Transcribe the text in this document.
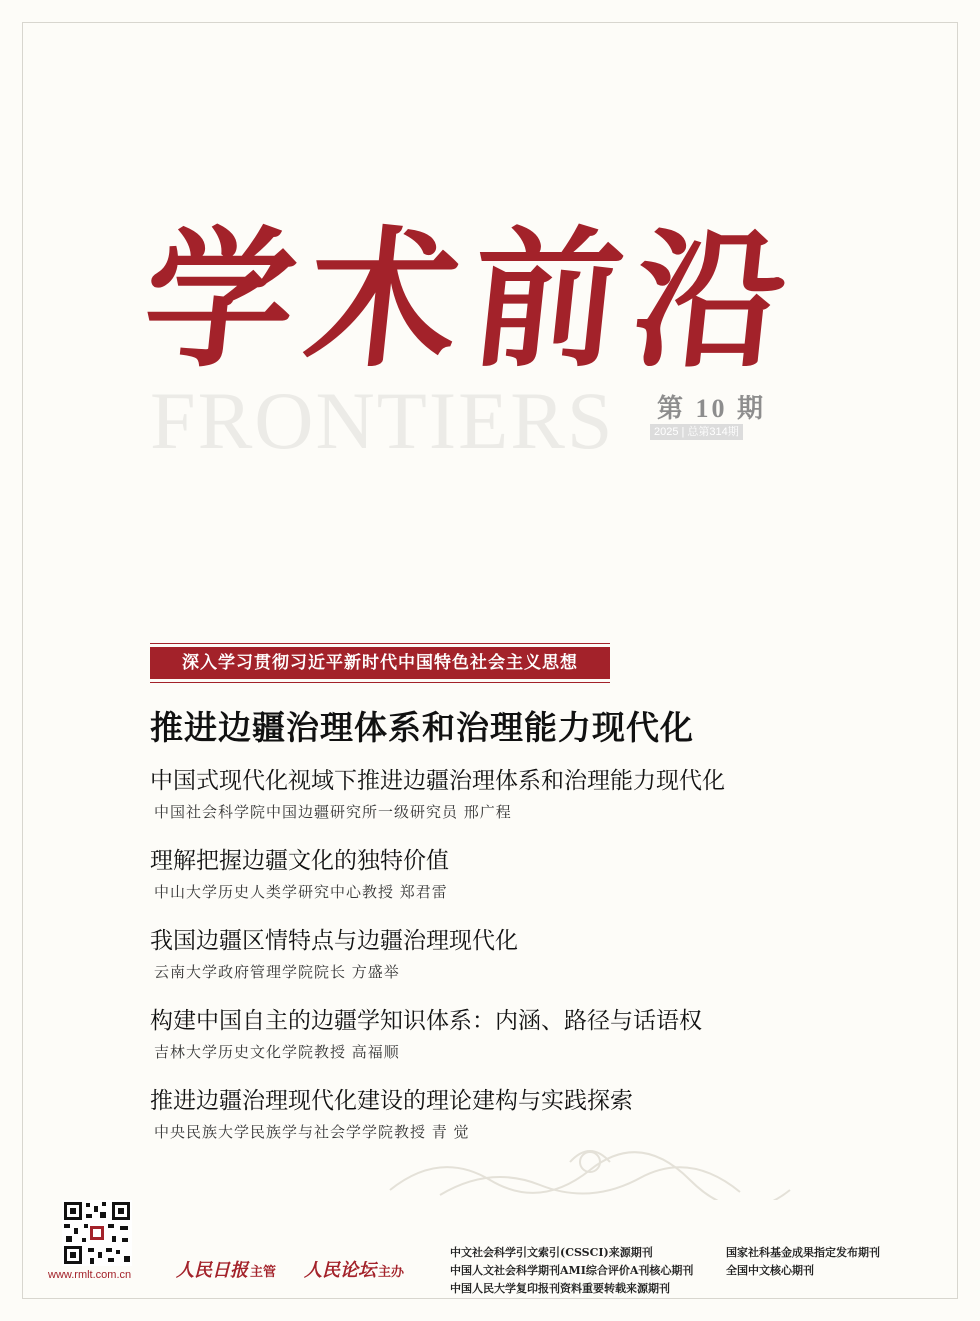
学
术
前
沿
FRONTIERS 第 10 期
2025 | 总第314期
深入学习贯彻习近平新时代中国特色社会主义思想
推进边疆治理体系和治理能力现代化
中国式现代化视域下推进边疆治理体系和治理能力现代化
中国社会科学院中国边疆研究所一级研究员 邢广程
理解把握边疆文化的独特价值
中山大学历史人类学研究中心教授 郑君雷
我国边疆区情特点与边疆治理现代化
云南大学政府管理学院院长 方盛举
构建中国自主的边疆学知识体系：内涵、路径与话语权
吉林大学历史文化学院教授 高福顺
推进边疆治理现代化建设的理论建构与实践探索
中央民族大学民族学与社会学学院教授 青 觉
www.rmlt.com.cn 人民日报 主管 人民论坛 主办
中文社会科学引文索引(CSSCI)来源期刊	国家社科基金成果指定发布期刊
中国人文社会科学期刊AMI综合评价A刊核心期刊	全国中文核心期刊
中国人民大学复印报刊资料重要转载来源期刊
